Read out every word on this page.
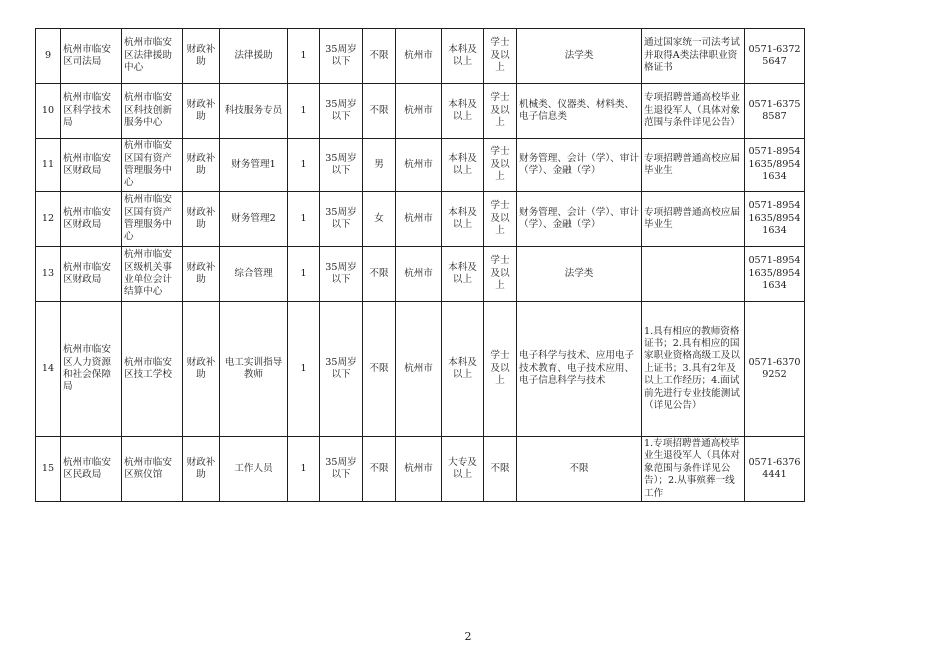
9	杭州市临安区司法局	杭州市临安区法律援助中心	财政补助	法律援助	1	35周岁以下	不限	杭州市	本科及以上	学士及以上	法学类	通过国家统一司法考试并取得A类法律职业资格证书	0571-63725647
10	杭州市临安区科学技术局	杭州市临安区科技创新服务中心	财政补助	科技服务专员	1	35周岁以下	不限	杭州市	本科及以上	学士及以上	机械类、仪器类、材料类、电子信息类	专项招聘普通高校毕业生退役军人（具体对象范围与条件详见公告）	0571-63758587
11	杭州市临安区财政局	杭州市临安区国有资产管理服务中心	财政补助	财务管理1	1	35周岁以下	男	杭州市	本科及以上	学士及以上	财务管理、会计（学）、审计（学）、金融（学）	专项招聘普通高校应届毕业生	0571-89541635/89541634
12	杭州市临安区财政局	杭州市临安区国有资产管理服务中心	财政补助	财务管理2	1	35周岁以下	女	杭州市	本科及以上	学士及以上	财务管理、会计（学）、审计（学）、金融（学）	专项招聘普通高校应届毕业生	0571-89541635/89541634
13	杭州市临安区财政局	杭州市临安区级机关事业单位会计结算中心	财政补助	综合管理	1	35周岁以下	不限	杭州市	本科及以上	学士及以上	法学类		0571-89541635/89541634
14	杭州市临安区人力资源和社会保障局	杭州市临安区技工学校	财政补助	电工实训指导教师	1	35周岁以下	不限	杭州市	本科及以上	学士及以上	电子科学与技术、应用电子技术教育、电子技术应用、电子信息科学与技术	1.具有相应的教师资格证书；2.具有相应的国家职业资格高级工及以上证书；3.具有2年及以上工作经历；4.面试前先进行专业技能测试（详见公告）	0571-63709252
15	杭州市临安区民政局	杭州市临安区殡仪馆	财政补助	工作人员	1	35周岁以下	不限	杭州市	大专及以上	不限	不限	1.专项招聘普通高校毕业生退役军人（具体对象范围与条件详见公告）；2.从事殡葬一线工作	0571-63764441
2
